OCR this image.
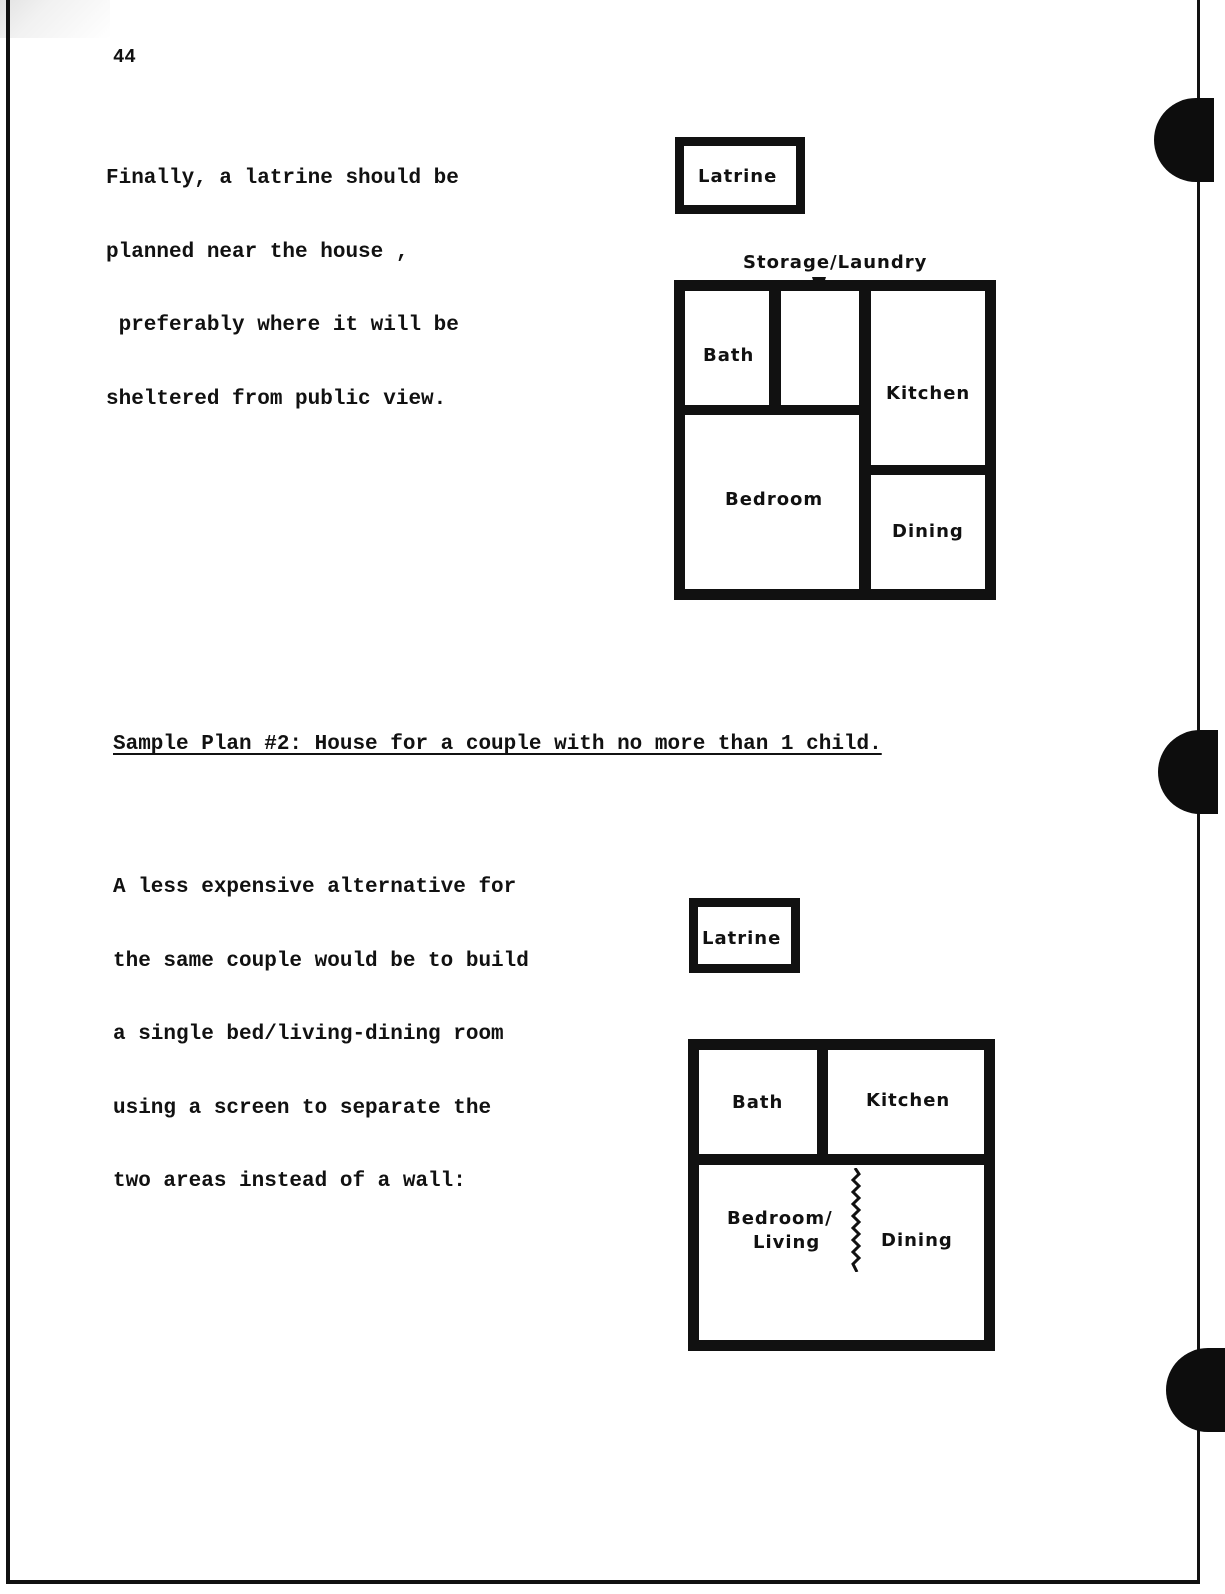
44

Finally, a latrine should be

planned near the house ,

preferably where it will be

sheltered from public view.

Latrine
Storage/Laundry
Bath
Kitchen
Bedroom
Dining
Sample Plan #2: House for a couple with no more than 1 child.

A less expensive alternative for

the same couple would be to build

a single bed/living-dining room

using a screen to separate the

two areas instead of a wall:

Latrine
Bath	Kitchen
Bedroom/
Living	Dining
